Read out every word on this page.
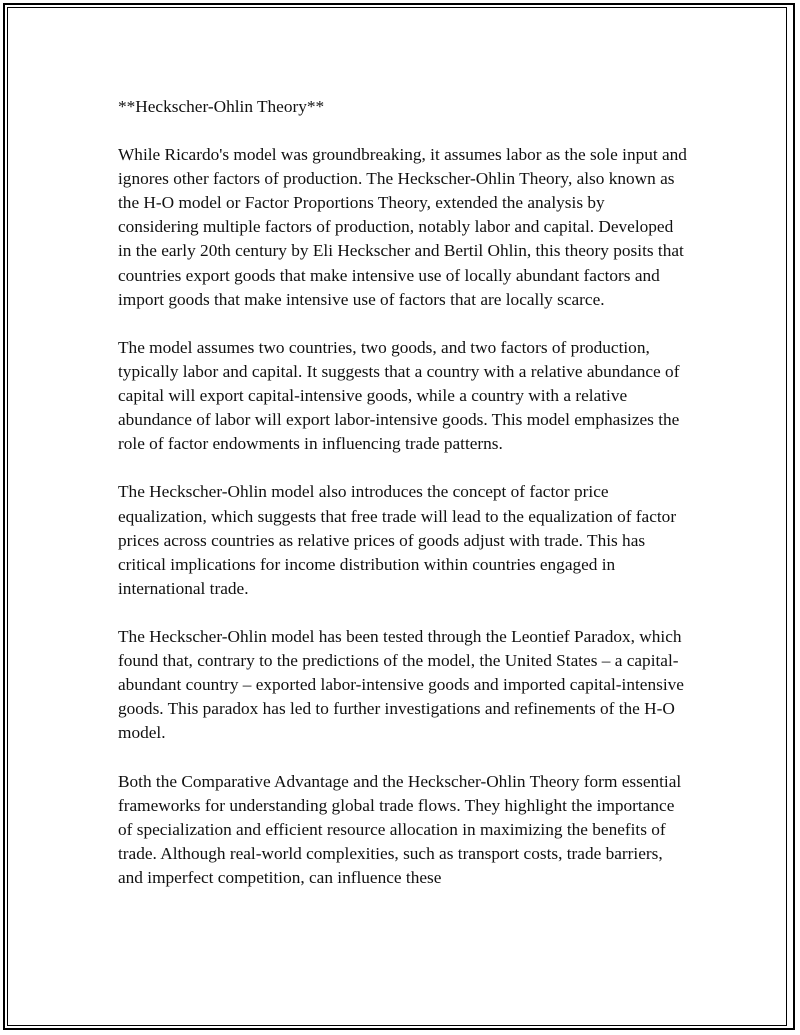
**Heckscher-Ohlin Theory**

While Ricardo's model was groundbreaking, it assumes labor as the sole input and ignores other factors of production. The Heckscher-Ohlin Theory, also known as the H-O model or Factor Proportions Theory, extended the analysis by considering multiple factors of production, notably labor and capital. Developed in the early 20th century by Eli Heckscher and Bertil Ohlin, this theory posits that countries export goods that make intensive use of locally abundant factors and import goods that make intensive use of factors that are locally scarce.

The model assumes two countries, two goods, and two factors of production, typically labor and capital. It suggests that a country with a relative abundance of capital will export capital-intensive goods, while a country with a relative abundance of labor will export labor-intensive goods. This model emphasizes the role of factor endowments in influencing trade patterns.

The Heckscher-Ohlin model also introduces the concept of factor price equalization, which suggests that free trade will lead to the equalization of factor prices across countries as relative prices of goods adjust with trade. This has critical implications for income distribution within countries engaged in international trade.

The Heckscher-Ohlin model has been tested through the Leontief Paradox, which found that, contrary to the predictions of the model, the United States – a capital-abundant country – exported labor-intensive goods and imported capital-intensive goods. This paradox has led to further investigations and refinements of the H-O model.

Both the Comparative Advantage and the Heckscher-Ohlin Theory form essential frameworks for understanding global trade flows. They highlight the importance of specialization and efficient resource allocation in maximizing the benefits of trade. Although real-world complexities, such as transport costs, trade barriers, and imperfect competition, can influence these
